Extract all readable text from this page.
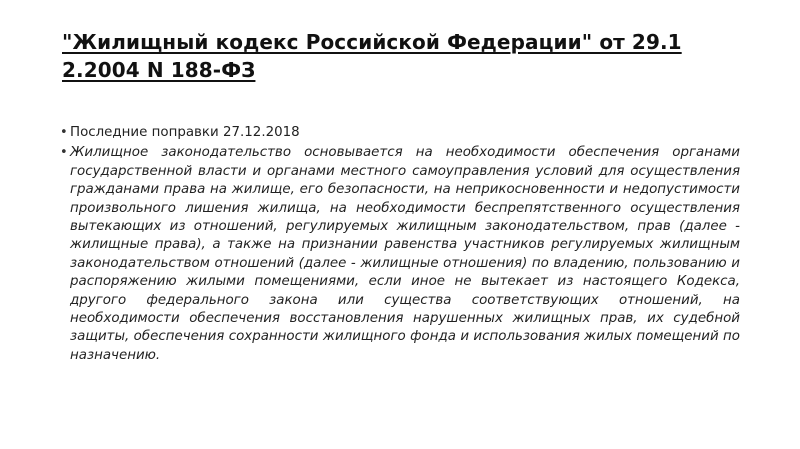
"Жилищный кодекс Российской Федерации" от 29.1
2.2004 N 188-ФЗ
• Последние поправки 27.12.2018
• Жилищное законодательство основывается на необходимости обеспечения органами государственной власти и органами местного самоуправления условий для осуществления гражданами права на жилище, его безопасности, на неприкосновенности и недопустимости произвольного лишения жилища, на необходимости беспрепятственного осуществления вытекающих из отношений, регулируемых жилищным законодательством, прав (далее - жилищные права), а также на признании равенства участников регулируемых жилищным законодательством отношений (далее - жилищные отношения) по владению, пользованию и распоряжению жилыми помещениями, если иное не вытекает из настоящего Кодекса, другого федерального закона или существа соответствующих отношений, на необходимости обеспечения восстановления нарушенных жилищных прав, их судебной защиты, обеспечения сохранности жилищного фонда и использования жилых помещений по назначению.
